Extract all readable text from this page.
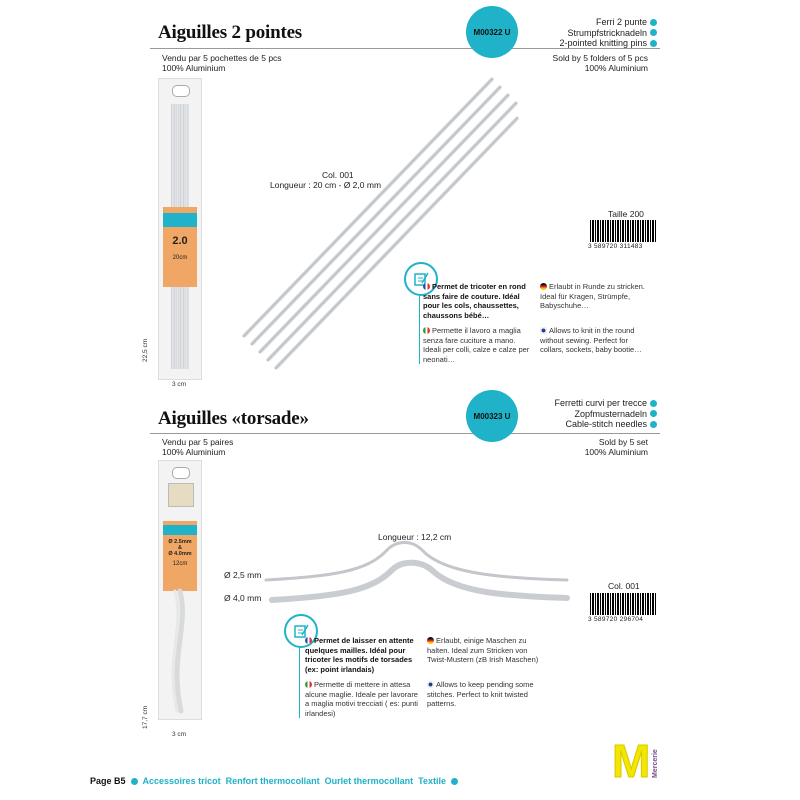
Aiguilles 2 pointes	M00322 U
Ferri 2 punte
Strumpfstricknadeln
2-pointed knitting pins
Vendu par 5 pochettes de 5 pcs
100% Aluminium
Sold by 5 folders of 5 pcs
100% Aluminium
2.0
20cm
22,5 cm
3 cm
Col. 001
Longueur : 20 cm - Ø 2,0 mm
Taille 200
3 589720 311483
Permet de tricoter en rond sans faire de couture. Idéal pour les cols, chaussettes, chaussons bébé…
Permette il lavoro a maglia senza fare cuciture a mano. Ideali per colli, calze e calze per neonati…
Erlaubt in Runde zu stricken. Ideal für Kragen, Strümpfe, Babyschuhe…
Allows to knit in the round without sewing. Perfect for collars, sockets, baby bootie…
Aiguilles «torsade»	M00323 U
Ferretti curvi per trecce
Zopfmusternadeln
Cable-stitch needles
Vendu par 5 paires
100% Aluminium
Sold by 5 set
100% Aluminium
Ø 2.5mm
&
Ø 4.0mm
12cm
17,7 cm
3 cm
Longueur : 12,2 cm
Ø 2,5 mm
Ø 4,0 mm
Col. 001
3 589720 296704
Permet de laisser en attente quelques mailles. Idéal pour tricoter les motifs de torsades (ex: point irlandais)
Permette di mettere in attesa alcune maglie. Ideale per lavorare a maglia motivi trecciati ( es: punti irlandesi)
Erlaubt, einige Maschen zu halten. Ideal zum Stricken von Twist-Mustern (zB Irish Maschen)
Allows to keep pending some stitches. Perfect to knit twisted patterns.
M Mercerie
Page B5 Accessoires tricot Renfort thermocollant Ourlet thermocollant Textile
